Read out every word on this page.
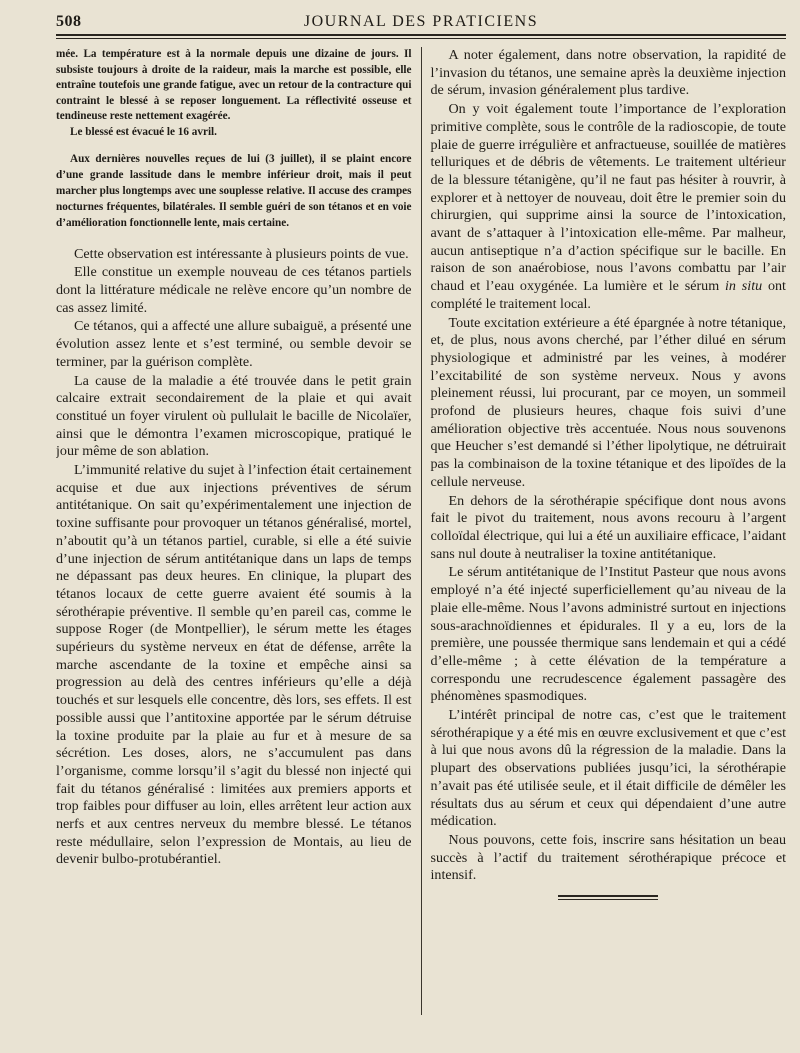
508	JOURNAL DES PRATICIENS

mée. La température est à la normale depuis une dizaine de jours. Il subsiste toujours à droite de la raideur, mais la marche est possible, elle entraîne toutefois une grande fatigue, avec un retour de la contracture qui contraint le blessé à se reposer longuement. La réflectivité osseuse et tendineuse reste nettement exagérée.

Le blessé est évacué le 16 avril.

Aux dernières nouvelles reçues de lui (3 juillet), il se plaint encore d’une grande lassitude dans le membre inférieur droit, mais il peut marcher plus longtemps avec une souplesse relative. Il accuse des crampes nocturnes fréquentes, bilatérales. Il semble guéri de son tétanos et en voie d’amélioration fonctionnelle lente, mais certaine.

Cette observation est intéressante à plusieurs points de vue.

Elle constitue un exemple nouveau de ces tétanos partiels dont la littérature médicale ne relève encore qu’un nombre de cas assez limité.

Ce tétanos, qui a affecté une allure subaiguë, a présenté une évolution assez lente et s’est terminé, ou semble devoir se terminer, par la guérison complète.

La cause de la maladie a été trouvée dans le petit grain calcaire extrait secondairement de la plaie et qui avait constitué un foyer virulent où pullulait le bacille de Nicolaïer, ainsi que le démontra l’examen microscopique, pratiqué le jour même de son ablation.

L’immunité relative du sujet à l’infection était certainement acquise et due aux injections préventives de sérum antitétanique. On sait qu’expérimentalement une injection de toxine suffisante pour provoquer un tétanos généralisé, mortel, n’aboutit qu’à un tétanos partiel, curable, si elle a été suivie d’une injection de sérum antitétanique dans un laps de temps ne dépassant pas deux heures. En clinique, la plupart des tétanos locaux de cette guerre avaient été soumis à la sérothérapie préventive. Il semble qu’en pareil cas, comme le suppose Roger (de Montpellier), le sérum mette les étages supérieurs du système nerveux en état de défense, arrête la marche ascendante de la toxine et empêche ainsi sa progression au delà des centres inférieurs qu’elle a déjà touchés et sur lesquels elle concentre, dès lors, ses effets. Il est possible aussi que l’antitoxine apportée par le sérum détruise la toxine produite par la plaie au fur et à mesure de sa sécrétion. Les doses, alors, ne s’accumulent pas dans l’organisme, comme lorsqu’il s’agit du blessé non injecté qui fait du tétanos généralisé : limitées aux premiers apports et trop faibles pour diffuser au loin, elles arrêtent leur action aux nerfs et aux centres nerveux du membre blessé. Le tétanos reste médullaire, selon l’expression de Montais, au lieu de devenir bulbo-protubérantiel.

A noter également, dans notre observation, la rapidité de l’invasion du tétanos, une semaine après la deuxième injection de sérum, invasion généralement plus tardive.

On y voit également toute l’importance de l’exploration primitive complète, sous le contrôle de la radioscopie, de toute plaie de guerre irrégulière et anfractueuse, souillée de matières telluriques et de débris de vêtements. Le traitement ultérieur de la blessure tétanigène, qu’il ne faut pas hésiter à rouvrir, à explorer et à nettoyer de nouveau, doit être le premier soin du chirurgien, qui supprime ainsi la source de l’intoxication, avant de s’attaquer à l’intoxication elle-même. Par malheur, aucun antiseptique n’a d’action spécifique sur le bacille. En raison de son anaérobiose, nous l’avons combattu par l’air chaud et l’eau oxygénée. La lumière et le sérum in situ ont complété le traitement local.

Toute excitation extérieure a été épargnée à notre tétanique, et, de plus, nous avons cherché, par l’éther dilué en sérum physiologique et administré par les veines, à modérer l’excitabilité de son système nerveux. Nous y avons pleinement réussi, lui procurant, par ce moyen, un sommeil profond de plusieurs heures, chaque fois suivi d’une amélioration objective très accentuée. Nous nous souvenons que Heucher s’est demandé si l’éther lipolytique, ne détruirait pas la combinaison de la toxine tétanique et des lipoïdes de la cellule nerveuse.

En dehors de la sérothérapie spécifique dont nous avons fait le pivot du traitement, nous avons recouru à l’argent colloïdal électrique, qui lui a été un auxiliaire efficace, l’aidant sans nul doute à neutraliser la toxine antitétanique.

Le sérum antitétanique de l’Institut Pasteur que nous avons employé n’a été injecté superficiellement qu’au niveau de la plaie elle-même. Nous l’avons administré surtout en injections sous-arachnoïdiennes et épidurales. Il y a eu, lors de la première, une poussée thermique sans lendemain et qui a cédé d’elle-même ; à cette élévation de la température a correspondu une recrudescence également passagère des phénomènes spasmodiques.

L’intérêt principal de notre cas, c’est que le traitement sérothérapique y a été mis en œuvre exclusivement et que c’est à lui que nous avons dû la régression de la maladie. Dans la plupart des observations publiées jusqu’ici, la sérothérapie n’avait pas été utilisée seule, et il était difficile de démêler les résultats dus au sérum et ceux qui dépendaient d’une autre médication.

Nous pouvons, cette fois, inscrire sans hésitation un beau succès à l’actif du traitement sérothérapique précoce et intensif.
